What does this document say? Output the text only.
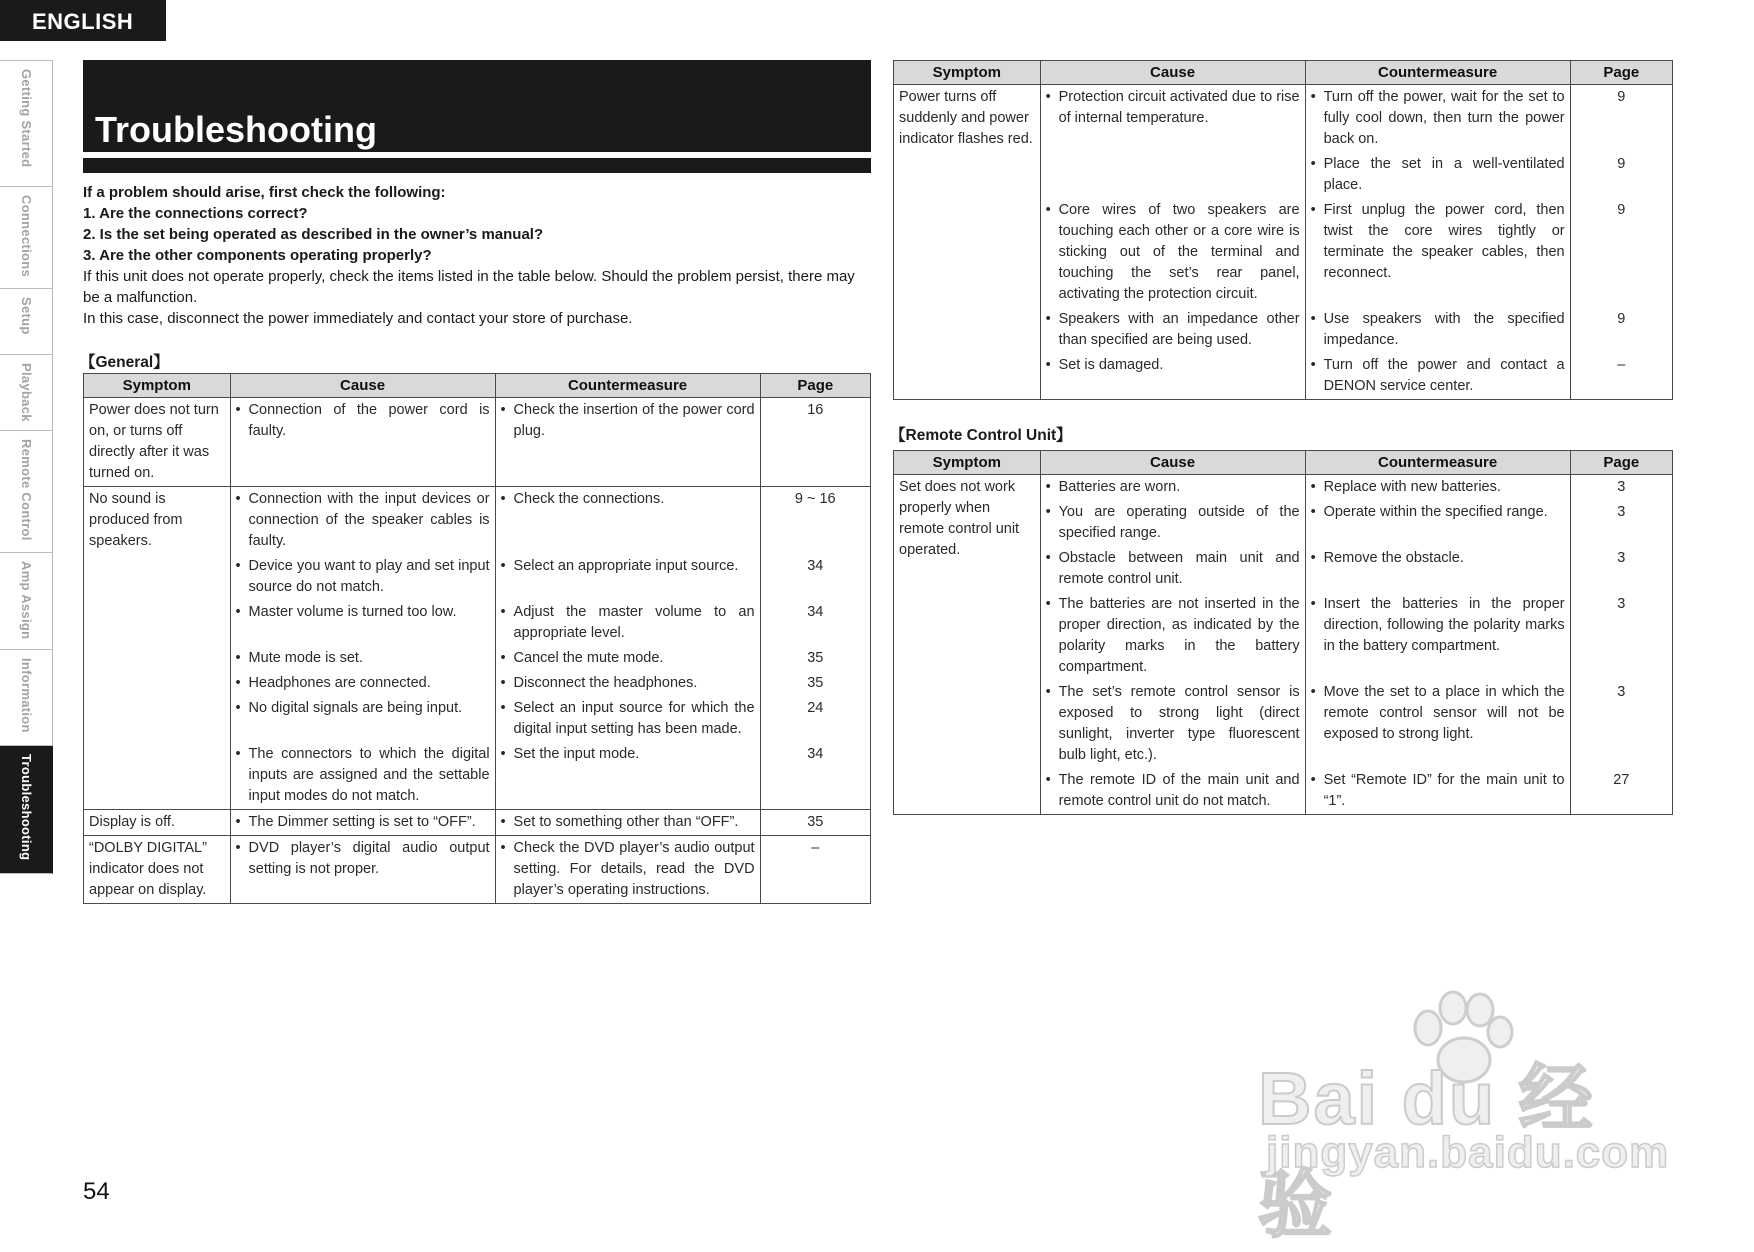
ENGLISH
Getting Started
Connections
Setup
Playback
Remote Control
Amp Assign
Information
Troubleshooting
Troubleshooting

If a problem should arise, first check the following:

1. Are the connections correct?

2. Is the set being operated as described in the owner’s manual?

3. Are the other components operating properly?

If this unit does not operate properly, check the items listed in the table below. Should the problem persist, there may be a malfunction.

In this case, disconnect the power immediately and contact your store of purchase.

【General】
Symptom	Cause	Countermeasure	Page
Power does not turn on, or turns off directly after it was turned on.	• Connection of the power cord is faulty.	• Check the insertion of the power cord plug.	16
No sound is produced from speakers.	• Connection with the input devices or connection of the speaker cables is faulty.	• Check the connections.	9 ~ 16

	• Device you want to play and set input source do not match.	• Select an appropriate input source.	34

	• Master volume is turned too low.	• Adjust the master volume to an appropriate level.	34

	• Mute mode is set.	• Cancel the mute mode.	35

	• Headphones are connected.	• Disconnect the headphones.	35

	• No digital signals are being input.	• Select an input source for which the digital input setting has been made.	24

	• The connectors to which the digital inputs are assigned and the settable input modes do not match.	• Set the input mode.	34
Display is off.	• The Dimmer setting is set to “OFF”.	• Set to something other than “OFF”.	35
“DOLBY DIGITAL” indicator does not appear on display.	• DVD player’s digital audio output setting is not proper.	• Check the DVD player’s audio output setting. For details, read the DVD player’s operating instructions.	–
Symptom	Cause	Countermeasure	Page
Power turns off suddenly and power indicator flashes red.	• Protection circuit activated due to rise of internal temperature.	• Turn off the power, wait for the set to fully cool down, then turn the power back on.	9

		• Place the set in a well-ventilated place.	9

	• Core wires of two speakers are touching each other or a core wire is sticking out of the terminal and touching the set’s rear panel, activating the protection circuit.	• First unplug the power cord, then twist the core wires tightly or terminate the speaker cables, then reconnect.	9

	• Speakers with an impedance other than specified are being used.	• Use speakers with the specified impedance.	9

	• Set is damaged.	• Turn off the power and contact a DENON service center.	–
【Remote Control Unit】
Symptom	Cause	Countermeasure	Page
Set does not work properly when remote control unit operated.	• Batteries are worn.	• Replace with new batteries.	3

	• You are operating outside of the specified range.	• Operate within the specified range.	3

	• Obstacle between main unit and remote control unit.	• Remove the obstacle.	3

	• The batteries are not inserted in the proper direction, as indicated by the polarity marks in the battery compartment.	• Insert the batteries in the proper direction, following the polarity marks in the battery compartment.	3

	• The set’s remote control sensor is exposed to strong light (direct sunlight, inverter type fluorescent bulb light, etc.).	• Move the set to a place in which the remote control sensor will not be exposed to strong light.	3

	• The remote ID of the main unit and remote control unit do not match.	• Set “Remote ID” for the main unit to “1”.	27
54
Bai du 经验
jingyan.baidu.com
